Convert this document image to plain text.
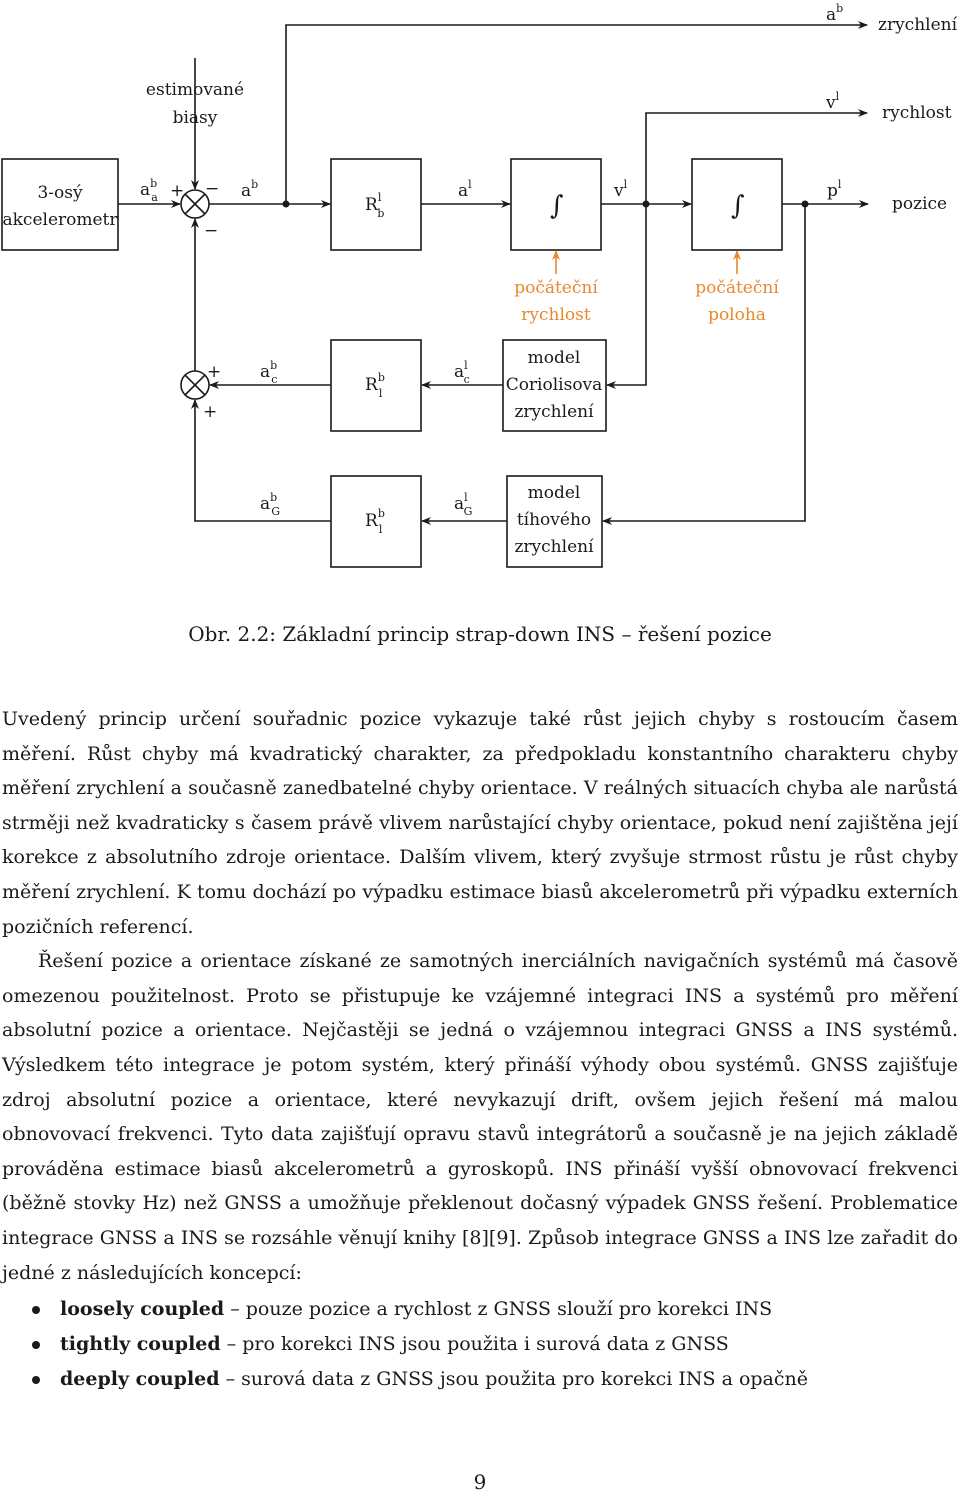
$a^b$
zrychlení
estimované
biasy
$v^l$
rychlost
3-osý
akcelerometr
$a^b$ a + −
−
$a^b$
$R^l$ b
$a^l$
∫	$v^l$
∫	$p^l$
pozice
počáteční
rychlost
počáteční
poloha
+
+
$a^b$ c	$R^b$ l
$a^l$ c
model
Coriolisova
zrychlení
$a^b$ G	$R^b$ l
$a^l$ G
model
tíhového
zrychlení
Obr. 2.2: Základní princip strap-down INS – řešení pozice

Uvedený princip určení souřadnic pozice vykazuje také růst jejich chyby s rostoucím časem měření. Růst chyby má kvadratický charakter, za předpokladu konstantního charakteru chyby měření zrychlení a současně zanedbatelné chyby orientace. V reálných situacích chyba ale narůstá strměji než kvadraticky s časem právě vlivem narůstající chyby orientace, pokud není zajištěna její korekce z absolutního zdroje orientace. Dalším vlivem, který zvyšuje strmost růstu je růst chyby měření zrychlení. K tomu dochází po výpadku estimace biasů akcelerometrů při výpadku externích pozičních referencí.

Řešení pozice a orientace získané ze samotných inerciálních navigačních systémů má časově omezenou použitelnost. Proto se přistupuje ke vzájemné integraci INS a systémů pro měření absolutní pozice a orientace. Nejčastěji se jedná o vzájemnou integraci GNSS a INS systémů. Výsledkem této integrace je potom systém, který přináší výhody obou systémů. GNSS zajišťuje zdroj absolutní pozice a orientace, které nevykazují drift, ovšem jejich řešení má malou obnovovací frekvenci. Tyto data zajišťují opravu stavů integrátorů a současně je na jejich základě prováděna estimace biasů akcelerometrů a gyroskopů. INS přináší vyšší obnovovací frekvenci (běžně stovky Hz) než GNSS a umožňuje překlenout dočasný výpadek GNSS řešení. Problematice integrace GNSS a INS se rozsáhle věnují knihy [8][9]. Způsob integrace GNSS a INS lze zařadit do jedné z následujících koncepcí:

loosely coupled – pouze pozice a rychlost z GNSS slouží pro korekci INS
tightly coupled – pro korekci INS jsou použita i surová data z GNSS
deeply coupled – surová data z GNSS jsou použita pro korekci INS a opačně
9
